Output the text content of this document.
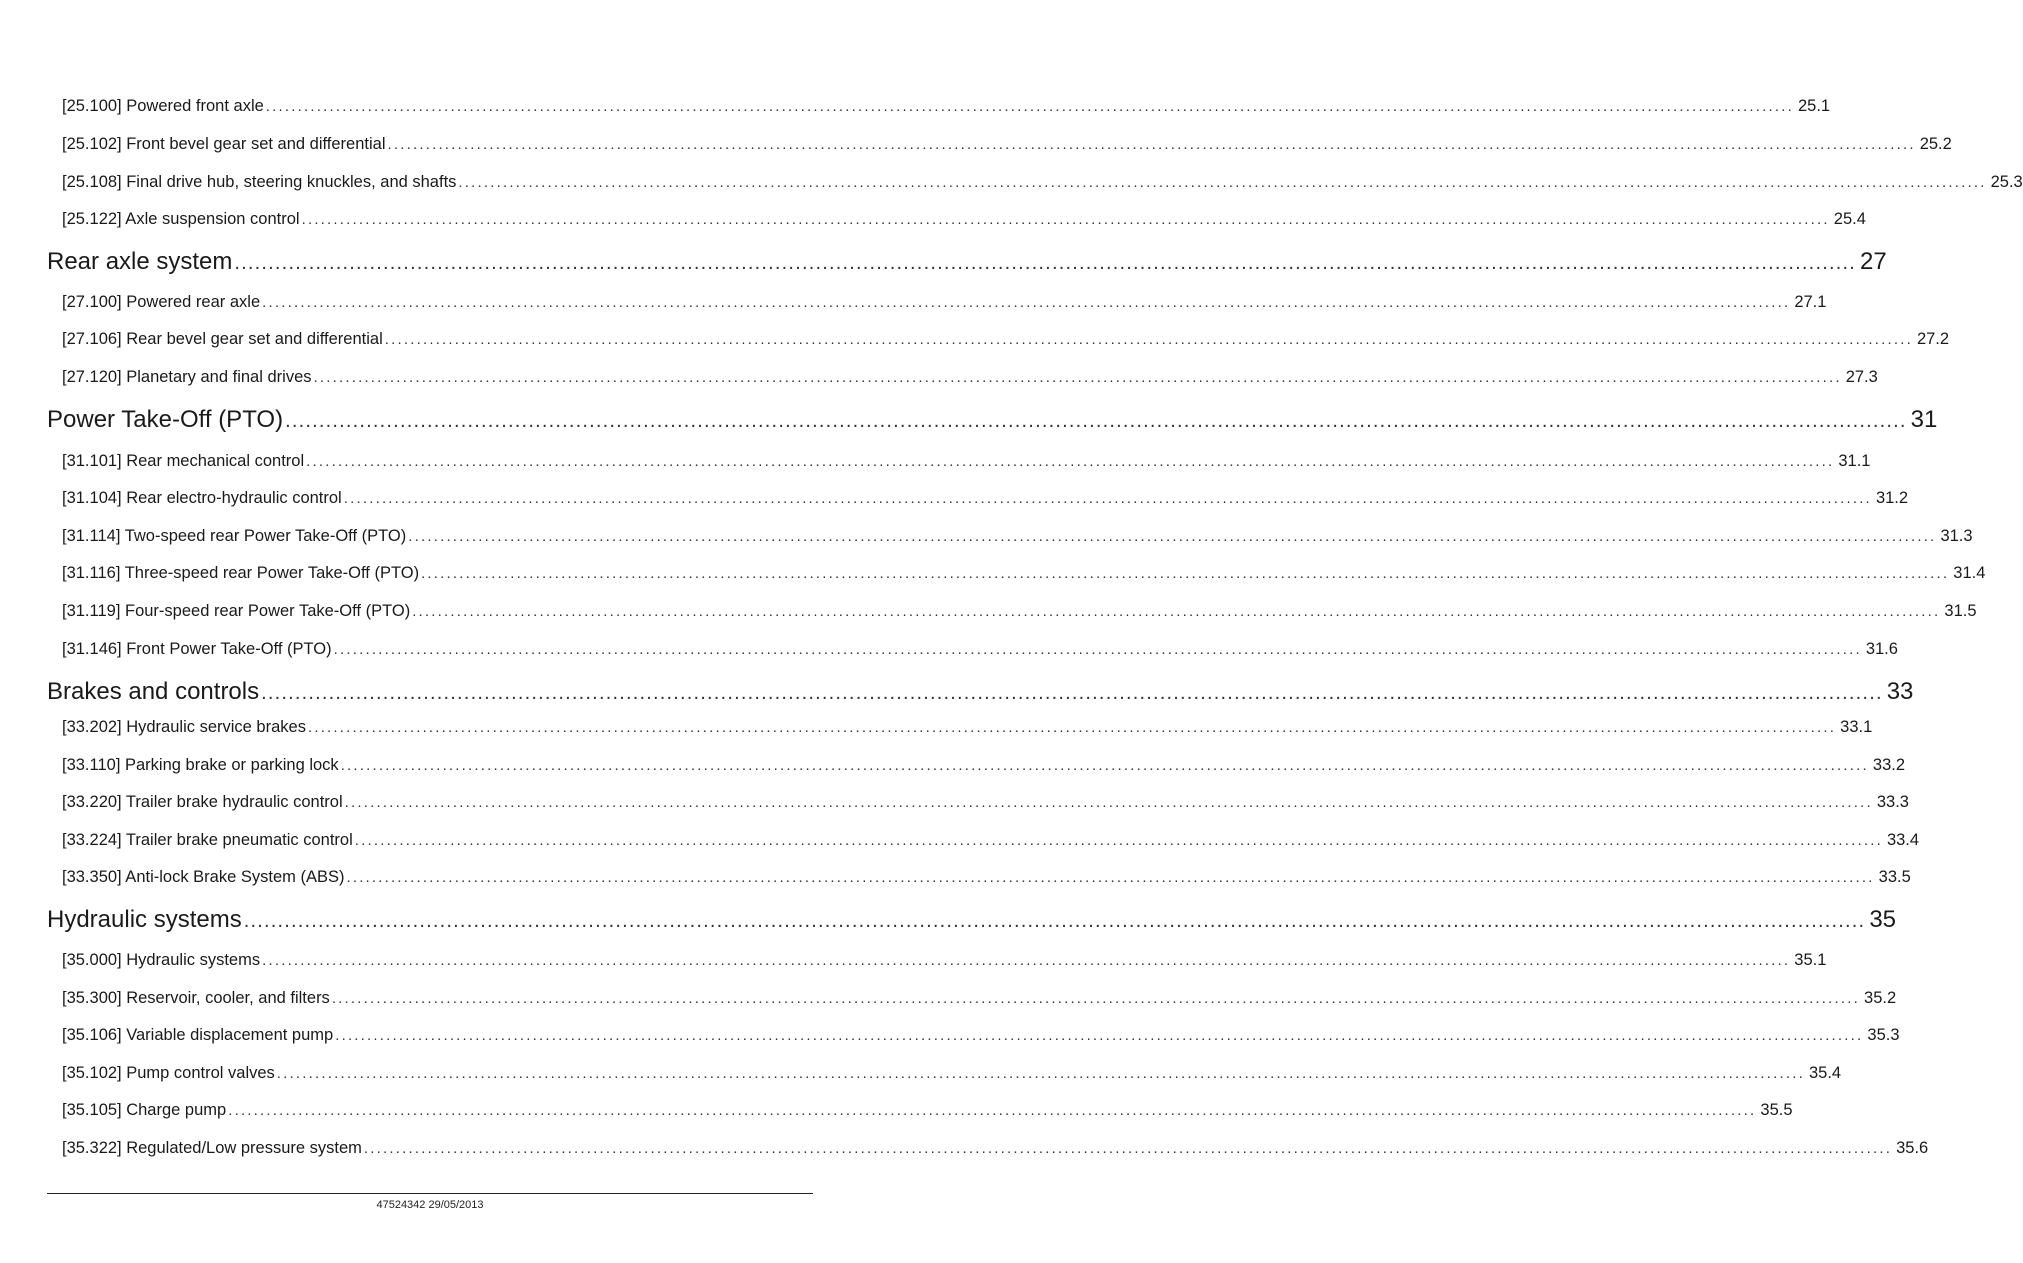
[25.100] Powered front axle ................................................................................................................................................................................................................................................ 25.1
[25.102] Front bevel gear set and differential ................................................................................................................................................................................................................................................ 25.2
[25.108] Final drive hub, steering knuckles, and shafts ................................................................................................................................................................................................................................................ 25.3
[25.122] Axle suspension control ................................................................................................................................................................................................................................................ 25.4
Rear axle system ................................................................................................................................................................................................................................................ 27
[27.100] Powered rear axle ................................................................................................................................................................................................................................................ 27.1
[27.106] Rear bevel gear set and differential ................................................................................................................................................................................................................................................ 27.2
[27.120] Planetary and final drives ................................................................................................................................................................................................................................................ 27.3
Power Take-Off (PTO) ................................................................................................................................................................................................................................................ 31
[31.101] Rear mechanical control ................................................................................................................................................................................................................................................ 31.1
[31.104] Rear electro-hydraulic control ................................................................................................................................................................................................................................................ 31.2
[31.114] Two-speed rear Power Take-Off (PTO) ................................................................................................................................................................................................................................................ 31.3
[31.116] Three-speed rear Power Take-Off (PTO) ................................................................................................................................................................................................................................................ 31.4
[31.119] Four-speed rear Power Take-Off (PTO) ................................................................................................................................................................................................................................................ 31.5
[31.146] Front Power Take-Off (PTO) ................................................................................................................................................................................................................................................ 31.6
Brakes and controls ................................................................................................................................................................................................................................................ 33
[33.202] Hydraulic service brakes ................................................................................................................................................................................................................................................ 33.1
[33.110] Parking brake or parking lock ................................................................................................................................................................................................................................................ 33.2
[33.220] Trailer brake hydraulic control ................................................................................................................................................................................................................................................ 33.3
[33.224] Trailer brake pneumatic control ................................................................................................................................................................................................................................................ 33.4
[33.350] Anti-lock Brake System (ABS) ................................................................................................................................................................................................................................................ 33.5
Hydraulic systems ................................................................................................................................................................................................................................................ 35
[35.000] Hydraulic systems ................................................................................................................................................................................................................................................ 35.1
[35.300] Reservoir, cooler, and filters ................................................................................................................................................................................................................................................ 35.2
[35.106] Variable displacement pump ................................................................................................................................................................................................................................................ 35.3
[35.102] Pump control valves ................................................................................................................................................................................................................................................ 35.4
[35.105] Charge pump ................................................................................................................................................................................................................................................ 35.5
[35.322] Regulated/Low pressure system ................................................................................................................................................................................................................................................ 35.6
47524342 29/05/2013
